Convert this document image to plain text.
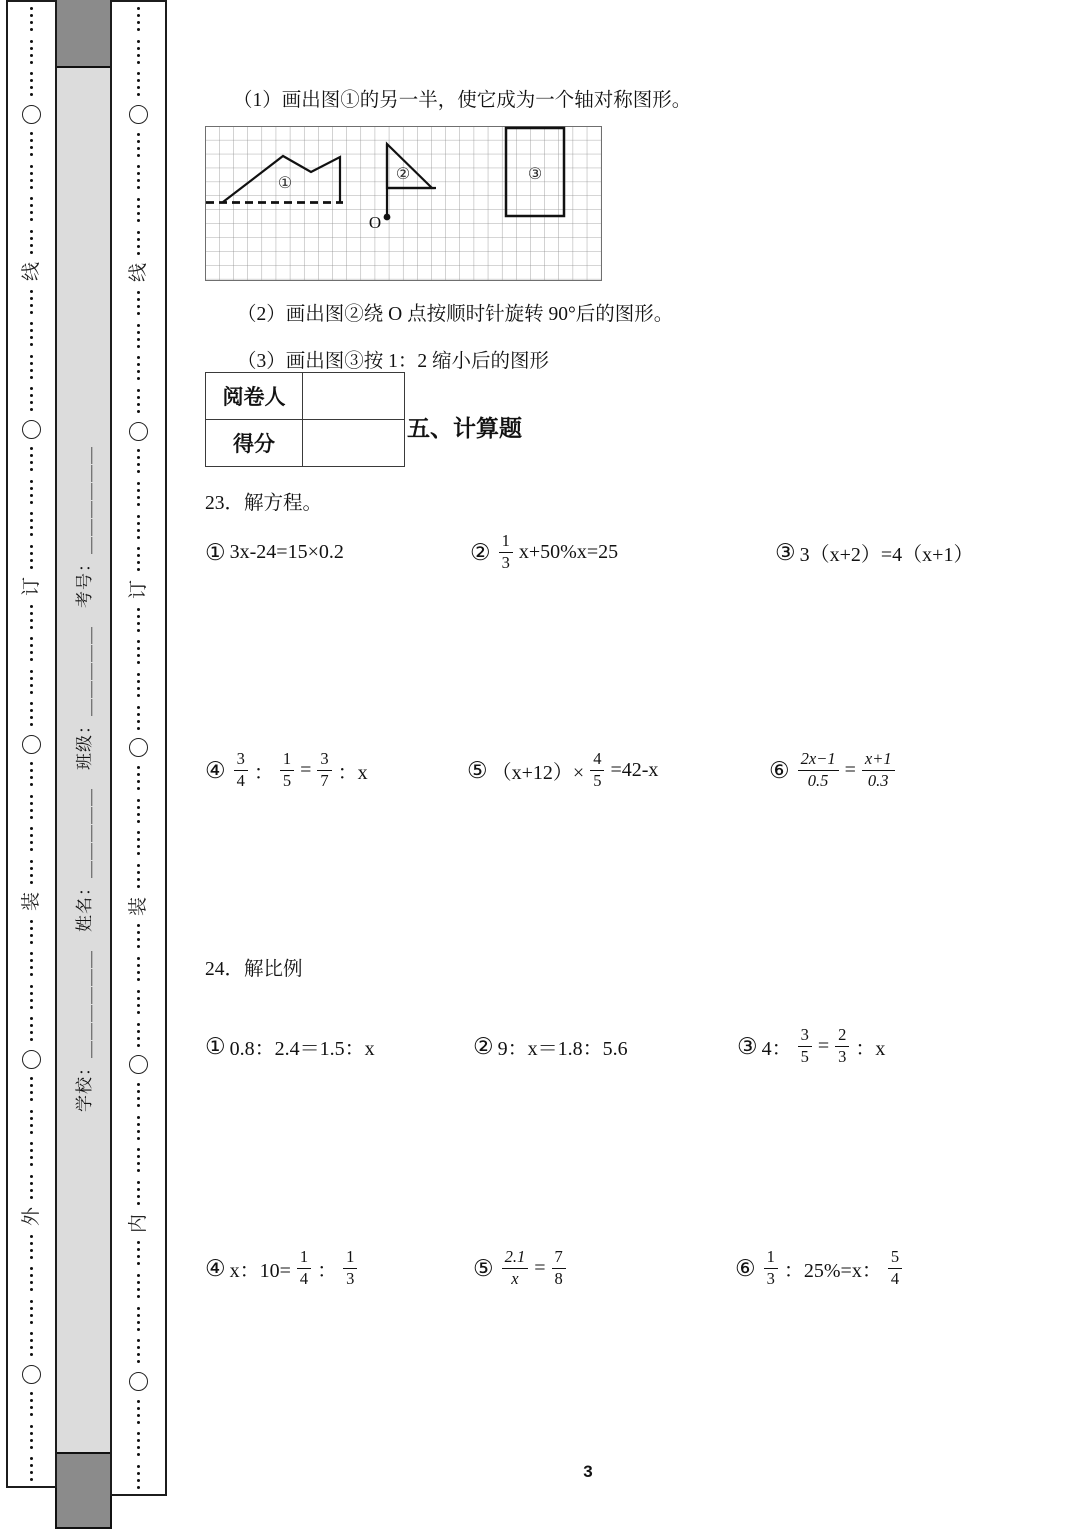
学校：＿＿＿＿＿＿　姓名：＿＿＿＿＿　班级：＿＿＿＿＿　考号：＿＿＿＿＿＿
线
订
装
外
线
订
装
内
（1）画出图①的另一半，使它成为一个轴对称图形。
①
O
②	③
（2）画出图②绕 O 点按顺时针旋转 90°后的图形。
（3）画出图③按 1：2 缩小后的图形
阅卷人	
得分	
五、计算题
23．解方程。
① 3x-24=15×0.2	② $\frac{1}{3} x+50\%x=25$	③ 3（x+2）=4（x+1）
④ $\frac{3}{4}$ ： $\frac{1}{5} = \frac{3}{7}$ ：x	⑤ $(x+12)\times \frac{4}{5} =42-x$	⑥ $\frac{2x-1}{0.5} = \frac{x+1}{0.3}$
24．解比例
① 0.8：2.4＝1.5：x	② 9：x＝1.8：5.6	③ 4： $\frac{3}{5} = \frac{2}{3}$ ：x
④ x：$10= \frac{1}{4}$ ： $\frac{1}{3}$	⑤ $\frac{2.1}{x} = \frac{7}{8}$	⑥ $\frac{1}{3}$ ：25%=x： $\frac{5}{4}$
3
